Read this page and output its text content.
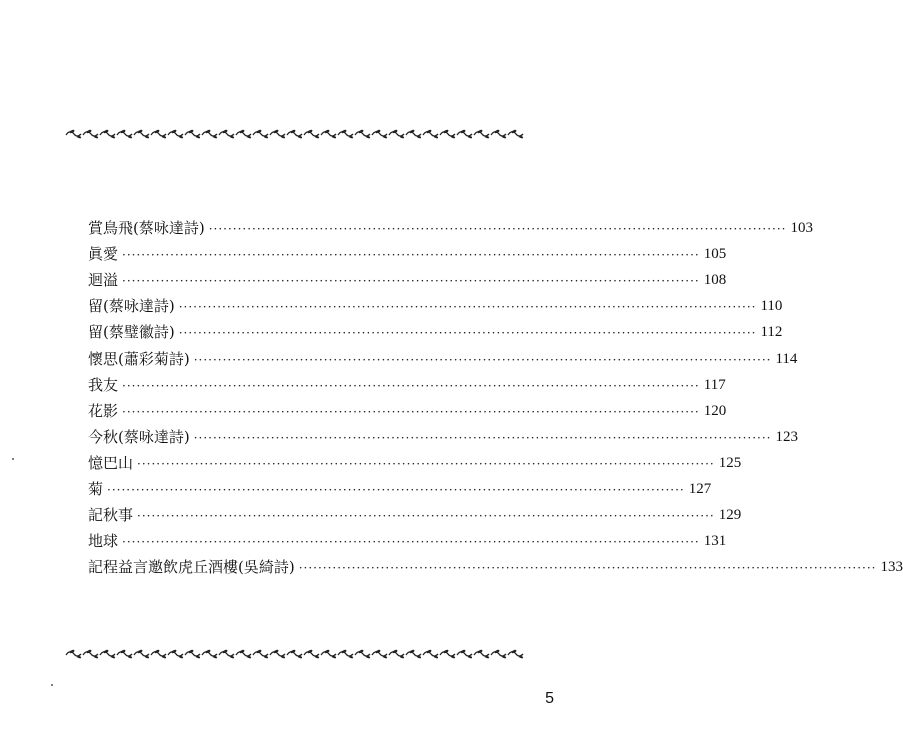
賞鳥飛(蔡咏達詩) ························································································································ 103
眞愛 ························································································································ 105
迴溢 ························································································································ 108
留(蔡咏達詩) ························································································································ 110
留(蔡璧徽詩) ························································································································ 112
懷思(蕭彩菊詩) ························································································································ 114
我友 ························································································································ 117
花影 ························································································································ 120
今秋(蔡咏達詩) ························································································································ 123
憶巴山 ························································································································ 125
菊 ························································································································ 127
記秋事 ························································································································ 129
地球 ························································································································ 131
記程益言邀飲虎丘酒樓(吳綺詩) ························································································································ 133
5
